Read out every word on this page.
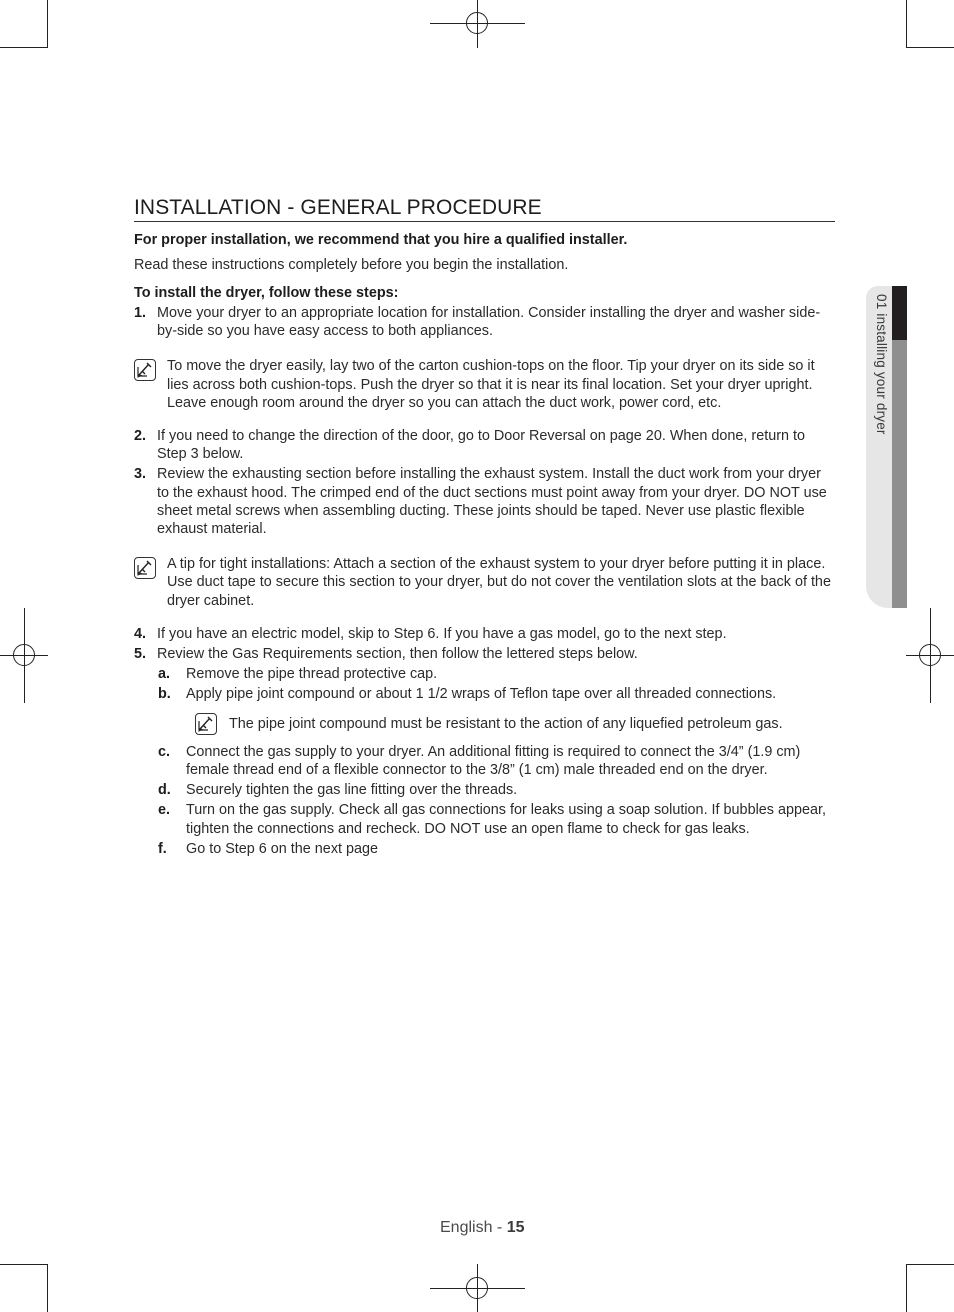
01 installing your dryer
INSTALLATION - GENERAL PROCEDURE
For proper installation, we recommend that you hire a qualified installer.
Read these instructions completely before you begin the installation.
To install the dryer, follow these steps:
1. Move your dryer to an appropriate location for installation. Consider installing the dryer and washer side-by-side so you have easy access to both appliances.
To move the dryer easily, lay two of the carton cushion-tops on the floor. Tip your dryer on its side so it lies across both cushion-tops. Push the dryer so that it is near its final location. Set your dryer upright. Leave enough room around the dryer so you can attach the duct work, power cord, etc.
2. If you need to change the direction of the door, go to Door Reversal on page 20. When done, return to Step 3 below.
3. Review the exhausting section before installing the exhaust system. Install the duct work from your dryer to the exhaust hood. The crimped end of the duct sections must point away from your dryer. DO NOT use sheet metal screws when assembling ducting. These joints should be taped. Never use plastic flexible exhaust material.
A tip for tight installations: Attach a section of the exhaust system to your dryer before putting it in place. Use duct tape to secure this section to your dryer, but do not cover the ventilation slots at the back of the dryer cabinet.
4. If you have an electric model, skip to Step 6. If you have a gas model, go to the next step.
5. Review the Gas Requirements section, then follow the lettered steps below.
a. Remove the pipe thread protective cap.
b. Apply pipe joint compound or about 1 1/2 wraps of Teflon tape over all threaded connections.
The pipe joint compound must be resistant to the action of any liquefied petroleum gas.
c. Connect the gas supply to your dryer. An additional fitting is required to connect the 3/4” (1.9 cm) female thread end of a flexible connector to the 3/8” (1 cm) male threaded end on the dryer.
d. Securely tighten the gas line fitting over the threads.
e. Turn on the gas supply. Check all gas connections for leaks using a soap solution. If bubbles appear, tighten the connections and recheck. DO NOT use an open flame to check for gas leaks.
f. Go to Step 6 on the next page
English - 15
